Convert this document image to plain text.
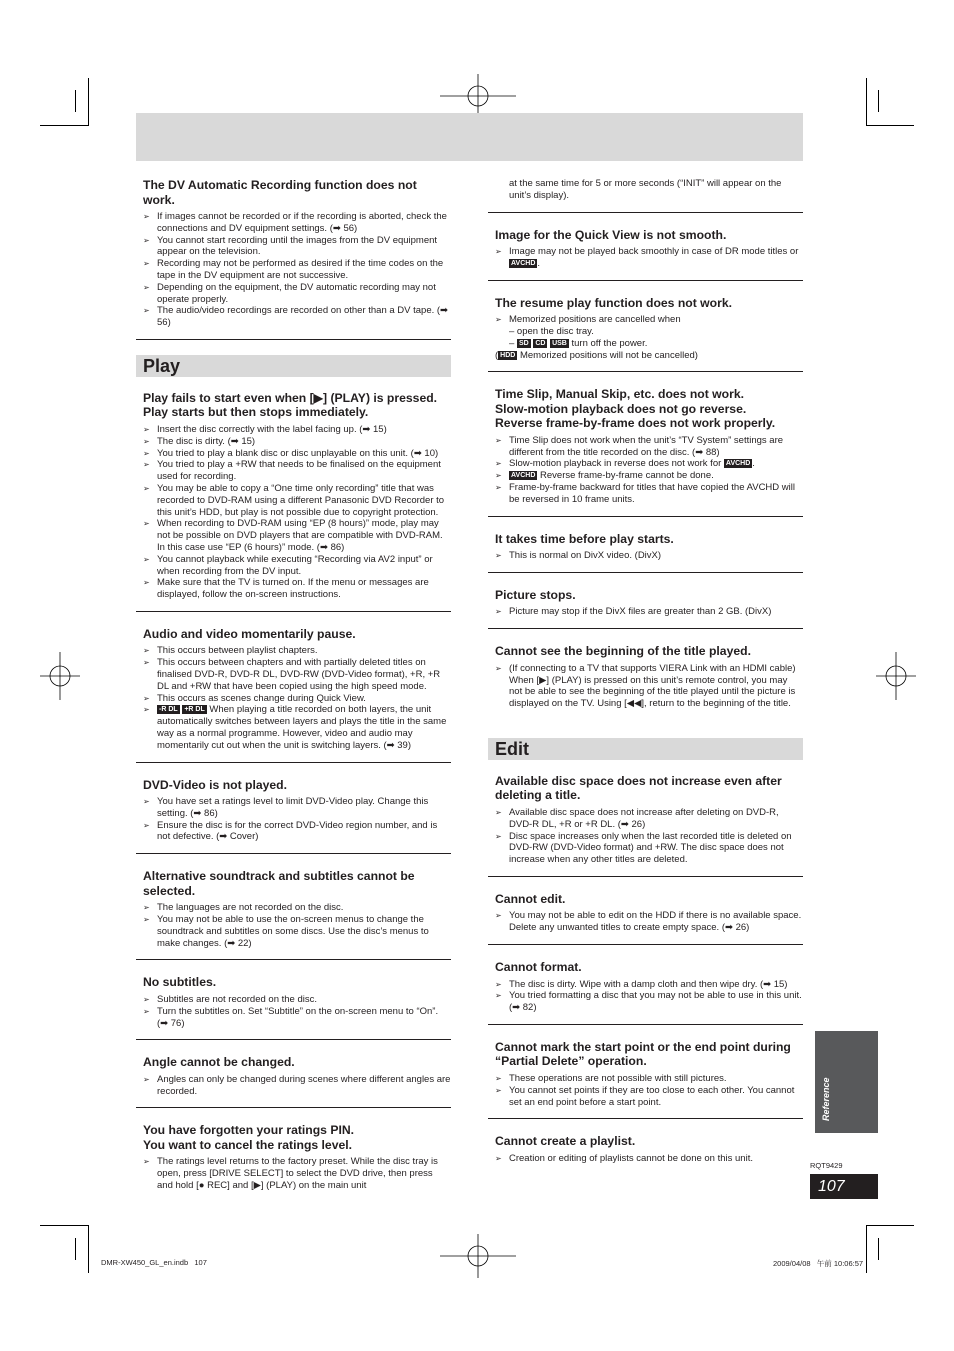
The DV Automatic Recording function does not work.
➢ If images cannot be recorded or if the recording is aborted, check the connections and DV equipment settings. (➡ 56)
➢ You cannot start recording until the images from the DV equipment appear on the television.
➢ Recording may not be performed as desired if the time codes on the tape in the DV equipment are not successive.
➢ Depending on the equipment, the DV automatic recording may not operate properly.
➢ The audio/video recordings are recorded on other than a DV tape. (➡ 56)
Play
Play fails to start even when [▶] (PLAY) is pressed.
Play starts but then stops immediately.
➢ Insert the disc correctly with the label facing up. (➡ 15)
➢ The disc is dirty. (➡ 15)
➢ You tried to play a blank disc or disc unplayable on this unit. (➡ 10)
➢ You tried to play a +RW that needs to be finalised on the equipment used for recording.
➢ You may be able to copy a “One time only recording” title that was recorded to DVD-RAM using a different Panasonic DVD Recorder to this unit’s HDD, but play is not possible due to copyright protection.
➢ When recording to DVD-RAM using “EP (8 hours)” mode, play may not be possible on DVD players that are compatible with DVD-RAM. In this case use “EP (6 hours)” mode. (➡ 86)
➢ You cannot playback while executing “Recording via AV2 input” or when recording from the DV input.
➢ Make sure that the TV is turned on. If the menu or messages are displayed, follow the on-screen instructions.
Audio and video momentarily pause.
➢ This occurs between playlist chapters.
➢ This occurs between chapters and with partially deleted titles on finalised DVD-R, DVD-R DL, DVD-RW (DVD-Video format), +R, +R DL and +RW that have been copied using the high speed mode.
➢ This occurs as scenes change during Quick View.
➢ -R DL +R DL When playing a title recorded on both layers, the unit automatically switches between layers and plays the title in the same way as a normal programme. However, video and audio may momentarily cut out when the unit is switching layers. (➡ 39)
DVD-Video is not played.
➢ You have set a ratings level to limit DVD-Video play. Change this setting. (➡ 86)
➢ Ensure the disc is for the correct DVD-Video region number, and is not defective. (➡ Cover)
Alternative soundtrack and subtitles cannot be selected.
➢ The languages are not recorded on the disc.
➢ You may not be able to use the on-screen menus to change the soundtrack and subtitles on some discs. Use the disc’s menus to make changes. (➡ 22)
No subtitles.
➢ Subtitles are not recorded on the disc.
➢ Turn the subtitles on. Set “Subtitle” on the on-screen menu to “On”. (➡ 76)
Angle cannot be changed.
➢ Angles can only be changed during scenes where different angles are recorded.
You have forgotten your ratings PIN.
You want to cancel the ratings level.
➢ The ratings level returns to the factory preset. While the disc tray is open, press [DRIVE SELECT] to select the DVD drive, then press and hold [● REC] and [▶] (PLAY) on the main unit
at the same time for 5 or more seconds (“INIT” will appear on the unit’s display).
Image for the Quick View is not smooth.
➢ Image may not be played back smoothly in case of DR mode titles or AVCHD .
The resume play function does not work.
➢ Memorized positions are cancelled when
– open the disc tray.
– SD CD USB turn off the power.
( HDD Memorized positions will not be cancelled)
Time Slip, Manual Skip, etc. does not work.
Slow-motion playback does not go reverse.
Reverse frame-by-frame does not work properly.
➢ Time Slip does not work when the unit’s “TV System” settings are different from the title recorded on the disc. (➡ 88)
➢ Slow-motion playback in reverse does not work for AVCHD .
➢ AVCHD Reverse frame-by-frame cannot be done.
➢ Frame-by-frame backward for titles that have copied the AVCHD will be reversed in 10 frame units.
It takes time before play starts.
➢ This is normal on DivX video. (DivX)
Picture stops.
➢ Picture may stop if the DivX files are greater than 2 GB. (DivX)
Cannot see the beginning of the title played.
➢ (If connecting to a TV that supports VIERA Link with an HDMI cable)
When [▶] (PLAY) is pressed on this unit’s remote control, you may not be able to see the beginning of the title played until the picture is displayed on the TV. Using [◀◀], return to the beginning of the title.
Edit
Available disc space does not increase even after deleting a title.
➢ Available disc space does not increase after deleting on DVD-R, DVD-R DL, +R or +R DL. (➡ 26)
➢ Disc space increases only when the last recorded title is deleted on DVD-RW (DVD-Video format) and +RW. The disc space does not increase when any other titles are deleted.
Cannot edit.
➢ You may not be able to edit on the HDD if there is no available space.
Delete any unwanted titles to create empty space. (➡ 26)
Cannot format.
➢ The disc is dirty. Wipe with a damp cloth and then wipe dry. (➡ 15)
➢ You tried formatting a disc that you may not be able to use in this unit. (➡ 82)
Cannot mark the start point or the end point during “Partial Delete” operation.
➢ These operations are not possible with still pictures.
➢ You cannot set points if they are too close to each other. You cannot set an end point before a start point.
Cannot create a playlist.
➢ Creation or editing of playlists cannot be done on this unit.
Reference
RQT9429
107
DMR-XW450_GL_en.indb   107	2009/04/08   午前 10:06:57
